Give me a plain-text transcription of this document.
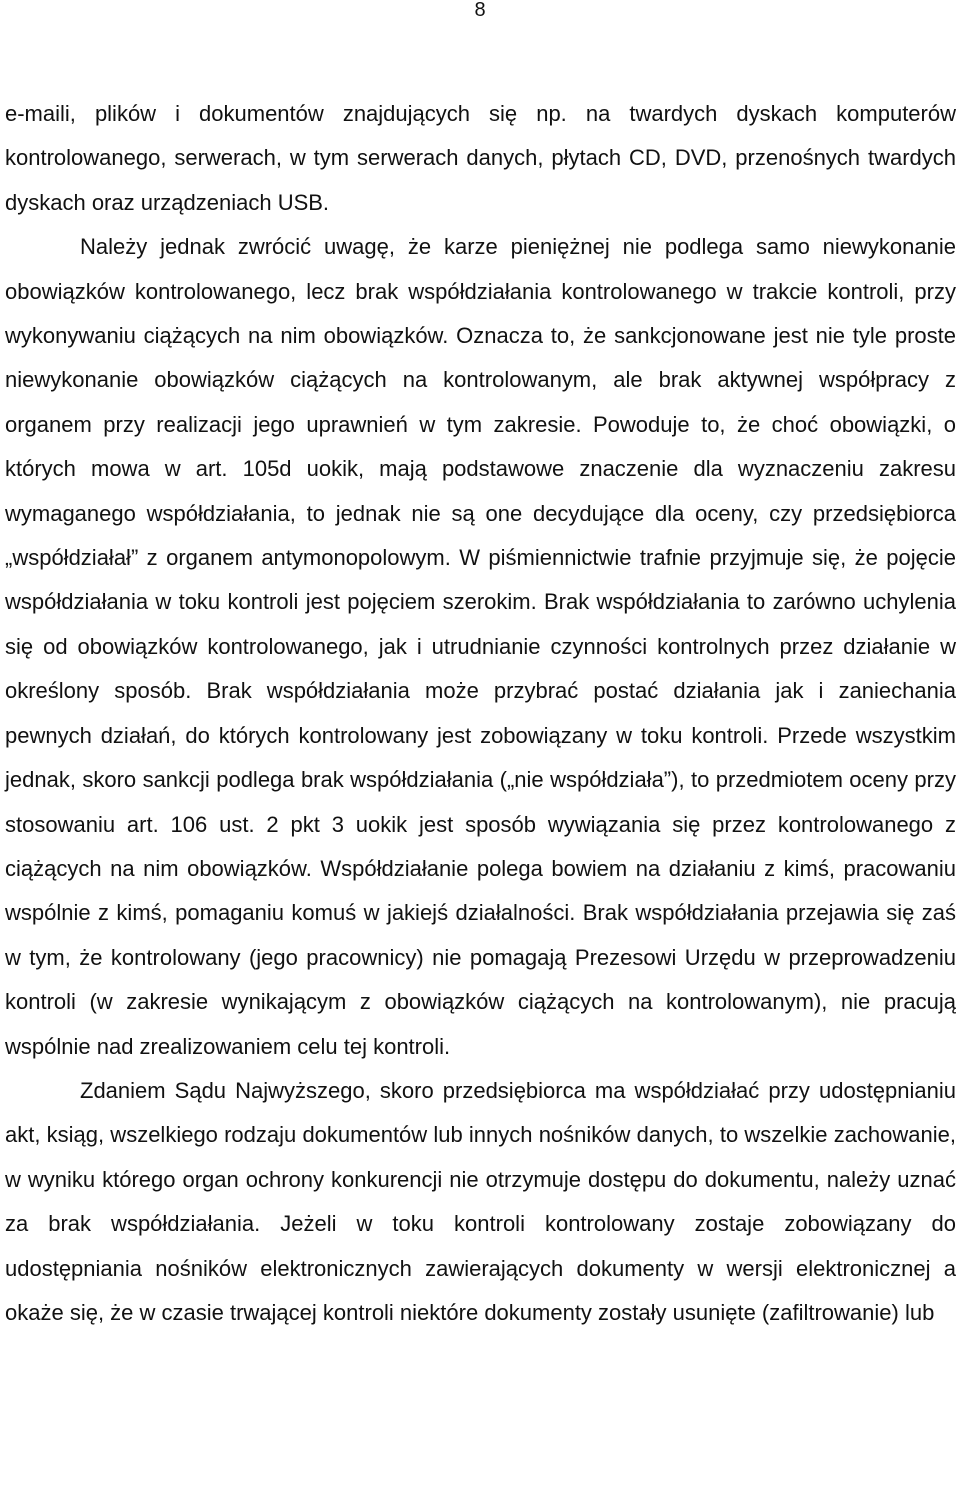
8

e-maili, plików i dokumentów znajdujących się np. na twardych dyskach komputerów kontrolowanego, serwerach, w tym serwerach danych, płytach CD, DVD, przenośnych twardych dyskach oraz urządzeniach USB.

Należy jednak zwrócić uwagę, że karze pieniężnej nie podlega samo niewykonanie obowiązków kontrolowanego, lecz brak współdziałania kontrolowanego w trakcie kontroli, przy wykonywaniu ciążących na nim obowiązków. Oznacza to, że sankcjonowane jest nie tyle proste niewykonanie obowiązków ciążących na kontrolowanym, ale brak aktywnej współpracy z organem przy realizacji jego uprawnień w tym zakresie. Powoduje to, że choć obowiązki, o których mowa w art. 105d uokik, mają podstawowe znaczenie dla wyznaczeniu zakresu wymaganego współdziałania, to jednak nie są one decydujące dla oceny, czy przedsiębiorca „współdziałał” z organem antymonopolowym. W piśmiennictwie trafnie przyjmuje się, że pojęcie współdziałania w toku kontroli jest pojęciem szerokim. Brak współdziałania to zarówno uchylenia się od obowiązków kontrolowanego, jak i utrudnianie czynności kontrolnych przez działanie w określony sposób. Brak współdziałania może przybrać postać działania jak i zaniechania pewnych działań, do których kontrolowany jest zobowiązany w toku kontroli. Przede wszystkim jednak, skoro sankcji podlega brak współdziałania („nie współdziała”), to przedmiotem oceny przy stosowaniu art. 106 ust. 2 pkt 3 uokik jest sposób wywiązania się przez kontrolowanego z ciążących na nim obowiązków. Współdziałanie polega bowiem na działaniu z kimś, pracowaniu wspólnie z kimś, pomaganiu komuś w jakiejś działalności. Brak współdziałania przejawia się zaś w tym, że kontrolowany (jego pracownicy) nie pomagają Prezesowi Urzędu w przeprowadzeniu kontroli (w zakresie wynikającym z obowiązków ciążących na kontrolowanym), nie pracują wspólnie nad zrealizowaniem celu tej kontroli.

Zdaniem Sądu Najwyższego, skoro przedsiębiorca ma współdziałać przy udostępnianiu akt, ksiąg, wszelkiego rodzaju dokumentów lub innych nośników danych, to wszelkie zachowanie, w wyniku którego organ ochrony konkurencji nie otrzymuje dostępu do dokumentu, należy uznać za brak współdziałania. Jeżeli w toku kontroli kontrolowany zostaje zobowiązany do udostępniania nośników elektronicznych zawierających dokumenty w wersji elektronicznej a okaże się, że w czasie trwającej kontroli niektóre dokumenty zostały usunięte (zafiltrowanie) lub
